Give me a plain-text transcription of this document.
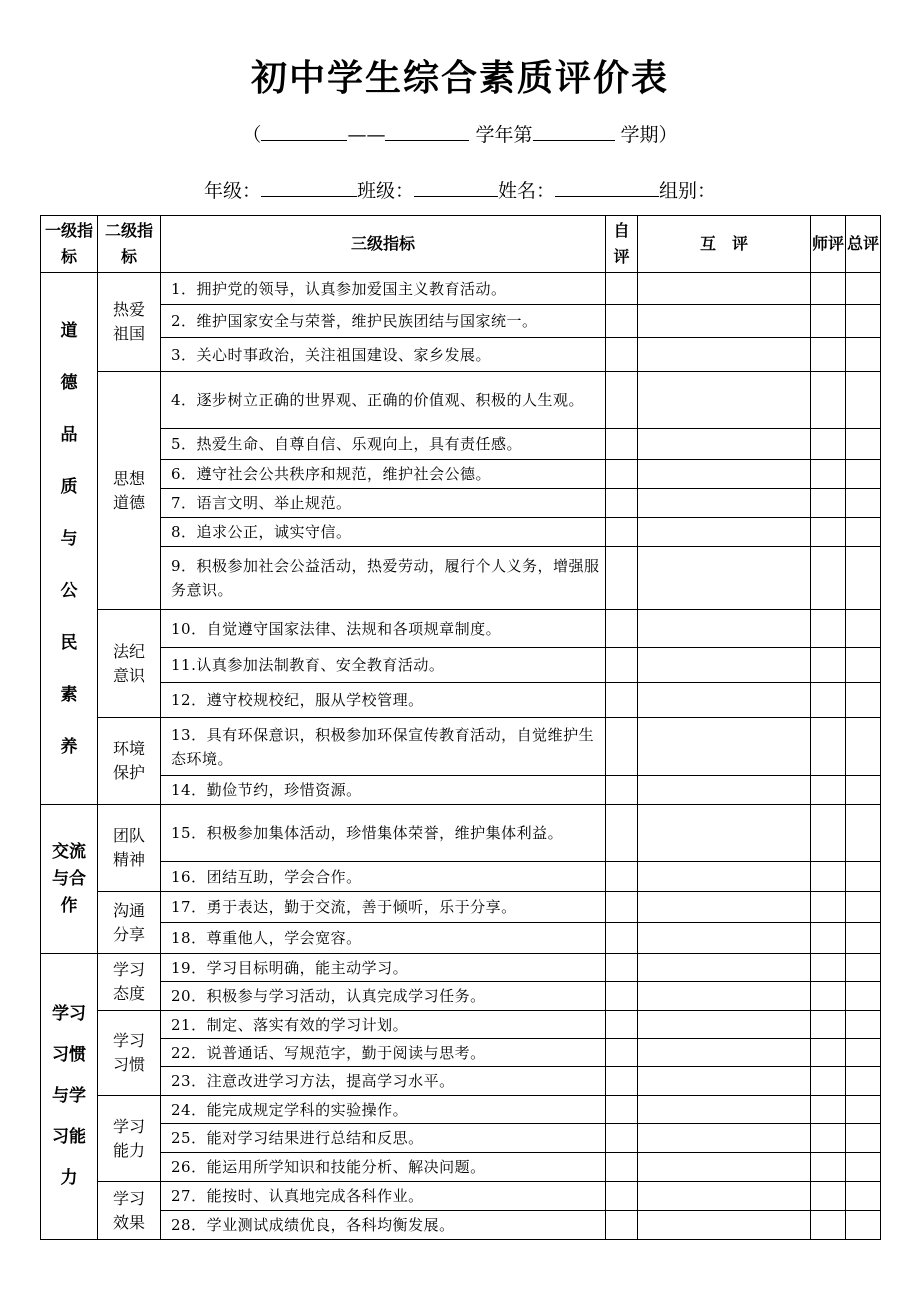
初中学生综合素质评价表
（	——	学年第	学期）
年级：	班级：	姓名：	组别：
一级指标	二级指标	三级指标	自评	互　评	师评	总评
道德品质与公民素养	热爱祖国	1．拥护党的领导，认真参加爱国主义教育活动。				
		2．维护国家安全与荣誉，维护民族团结与国家统一。				
		3．关心时事政治，关注祖国建设、家乡发展。				
	思想道德	4．逐步树立正确的世界观、正确的价值观、积极的人生观。				
		5．热爱生命、自尊自信、乐观向上，具有责任感。				
		6．遵守社会公共秩序和规范，维护社会公德。				
		7．语言文明、举止规范。				
		8．追求公正，诚实守信。				
		9．积极参加社会公益活动，热爱劳动，履行个人义务，增强服务意识。				
	法纪意识	10．自觉遵守国家法律、法规和各项规章制度。				
		11.认真参加法制教育、安全教育活动。				
		12．遵守校规校纪，服从学校管理。				
	环境保护	13．具有环保意识，积极参加环保宣传教育活动，自觉维护生态环境。				
		14．勤俭节约，珍惜资源。				
交流与合作	团队精神	15．积极参加集体活动，珍惜集体荣誉，维护集体利益。				
		16．团结互助，学会合作。				
	沟通分享	17．勇于表达，勤于交流，善于倾听，乐于分享。				
		18．尊重他人，学会宽容。				
学习习惯与学习能力	学习态度	19．学习目标明确，能主动学习。				
		20．积极参与学习活动，认真完成学习任务。				
	学习习惯	21．制定、落实有效的学习计划。				
		22．说普通话、写规范字，勤于阅读与思考。				
		23．注意改进学习方法，提高学习水平。				
	学习能力	24．能完成规定学科的实验操作。				
		25．能对学习结果进行总结和反思。				
		26．能运用所学知识和技能分析、解决问题。				
	学习效果	27．能按时、认真地完成各科作业。				
		28．学业测试成绩优良，各科均衡发展。				
